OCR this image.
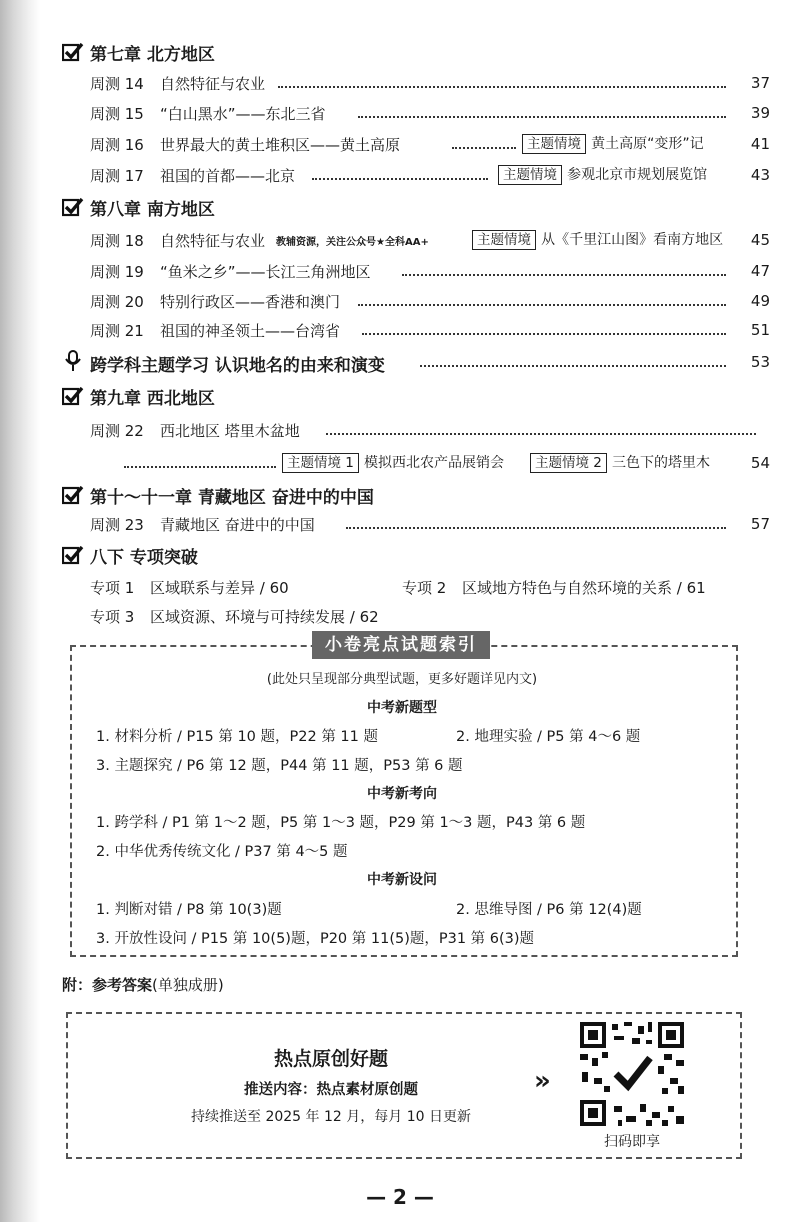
第七章 北方地区
周测 14 自然特征与农业	37
周测 15 “白山黑水”——东北三省	39
周测 16 世界最大的黄土堆积区——黄土高原	主题情境 黄土高原“变形”记	41
周测 17 祖国的首都——北京	主题情境 参观北京市规划展览馆	43
第八章 南方地区
周测 18 自然特征与农业 教辅资源，关注公众号★全科AA+	主题情境 从《千里江山图》看南方地区	45
周测 19 “鱼米之乡”——长江三角洲地区	47
周测 20 特别行政区——香港和澳门	49
周测 21 祖国的神圣领土——台湾省	51
跨学科主题学习 认识地名的由来和演变	53
第九章 西北地区
周测 22 西北地区 塔里木盆地
主题情境 1 模拟西北农产品展销会	主题情境 2 三色下的塔里木	54
第十～十一章 青藏地区 奋进中的中国
周测 23 青藏地区 奋进中的中国	57
八下 专项突破
专项 1 区域联系与差异 / 60	专项 2 区域地方特色与自然环境的关系 / 61
专项 3 区域资源、环境与可持续发展 / 62
小卷亮点试题索引
(此处只呈现部分典型试题，更多好题详见内文)
中考新题型
1. 材料分析 / P15 第 10 题，P22 第 11 题	2. 地理实验 / P5 第 4～6 题
3. 主题探究 / P6 第 12 题，P44 第 11 题，P53 第 6 题
中考新考向
1. 跨学科 / P1 第 1～2 题，P5 第 1～3 题，P29 第 1～3 题，P43 第 6 题
2. 中华优秀传统文化 / P37 第 4～5 题
中考新设问
1. 判断对错 / P8 第 10(3)题	2. 思维导图 / P6 第 12(4)题
3. 开放性设问 / P15 第 10(5)题，P20 第 11(5)题，P31 第 6(3)题
附：参考答案(单独成册)
热点原创好题
推送内容：热点素材原创题
持续推送至 2025 年 12 月，每月 10 日更新
»
扫码即享
— 2 —
